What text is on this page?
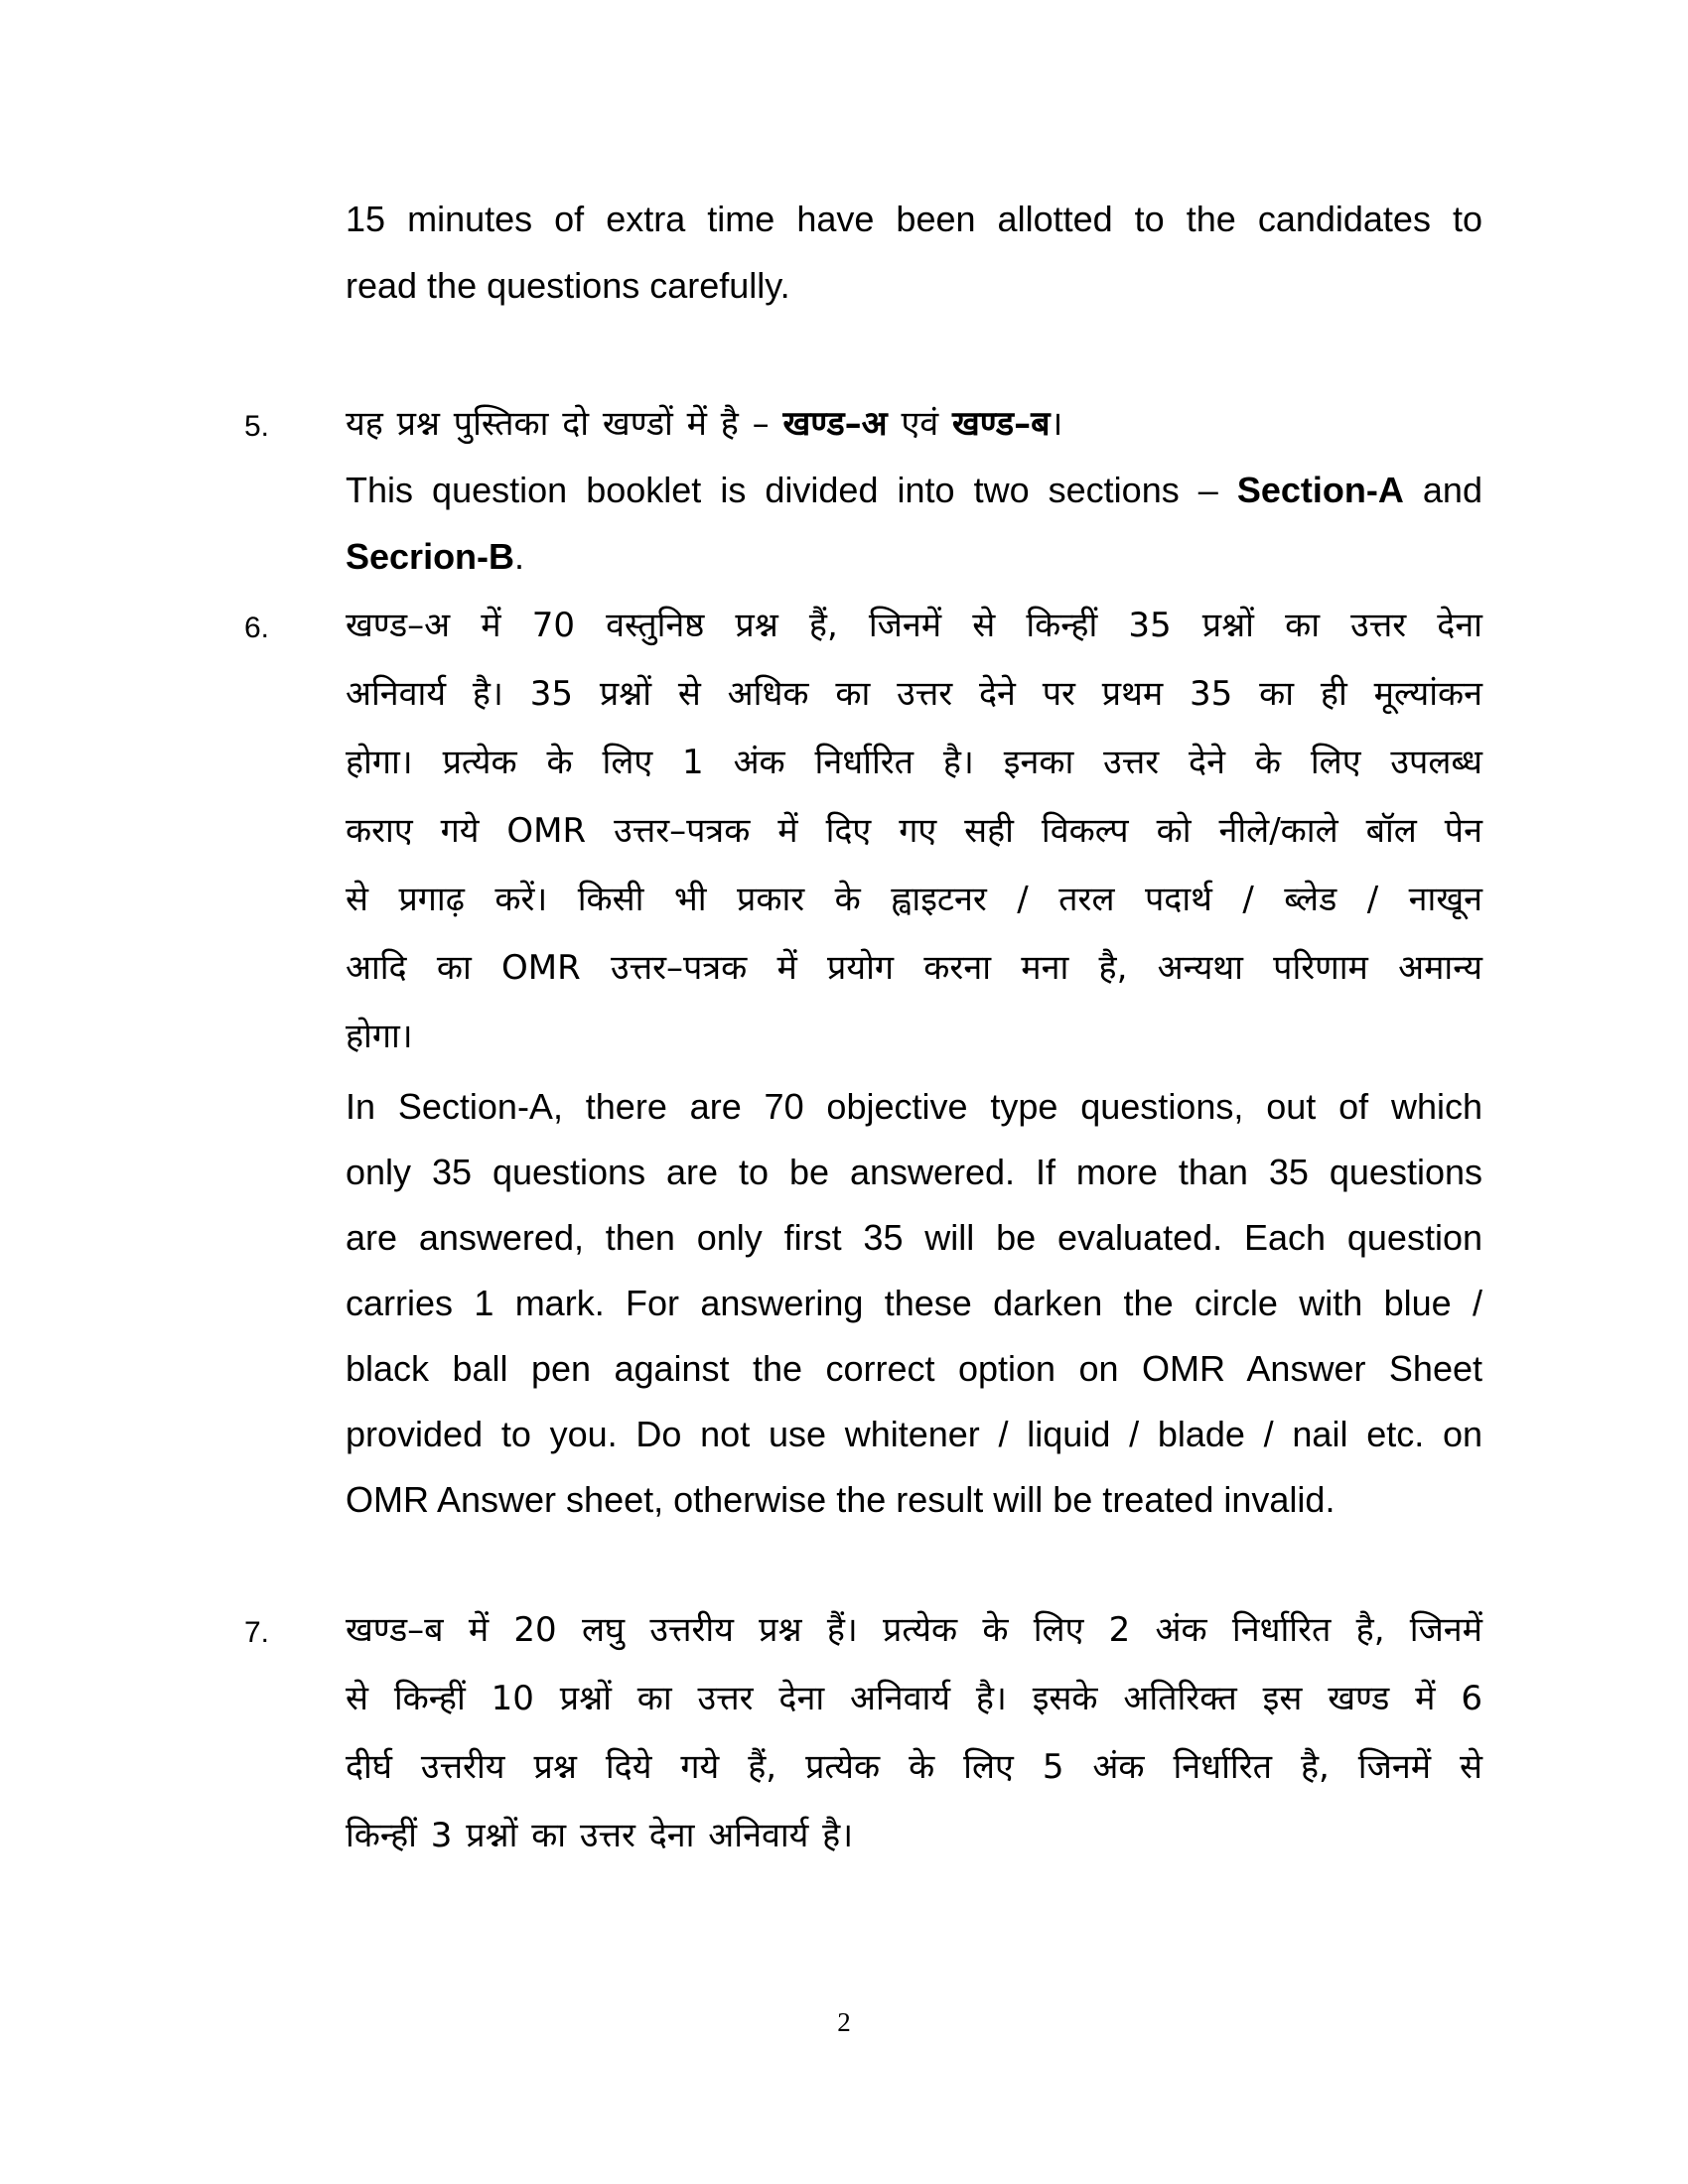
15 minutes of extra time have been allotted to the candidates to
read the questions carefully.
5. यह प्रश्न पुस्तिका दो खण्डों में है – खण्ड–अ एवं खण्ड–ब।
This question booklet is divided into two sections – Section-A and
Secrion-B.
6. खण्ड–अ में 70 वस्तुनिष्ठ प्रश्न हैं, जिनमें से किन्हीं 35 प्रश्नों का उत्तर देना
अनिवार्य है। 35 प्रश्नों से अधिक का उत्तर देने पर प्रथम 35 का ही मूल्यांकन
होगा। प्रत्येक के लिए 1 अंक निर्धारित है। इनका उत्तर देने के लिए उपलब्ध
कराए गये OMR उत्तर–पत्रक में दिए गए सही विकल्प को नीले/काले बॉल पेन
से प्रगाढ़ करें। किसी भी प्रकार के ह्वाइटनर / तरल पदार्थ / ब्लेड / नाखून
आदि का OMR उत्तर–पत्रक में प्रयोग करना मना है, अन्यथा परिणाम अमान्य
होगा।
In Section-A, there are 70 objective type questions, out of which
only 35 questions are to be answered. If more than 35 questions
are answered, then only first 35 will be evaluated. Each question
carries 1 mark. For answering these darken the circle with blue /
black ball pen against the correct option on OMR Answer Sheet
provided to you. Do not use whitener / liquid / blade / nail etc. on
OMR Answer sheet, otherwise the result will be treated invalid.
7. खण्ड–ब में 20 लघु उत्तरीय प्रश्न हैं। प्रत्येक के लिए 2 अंक निर्धारित है, जिनमें
से किन्हीं 10 प्रश्नों का उत्तर देना अनिवार्य है। इसके अतिरिक्त इस खण्ड में 6
दीर्घ उत्तरीय प्रश्न दिये गये हैं, प्रत्येक के लिए 5 अंक निर्धारित है, जिनमें से
किन्हीं 3 प्रश्नों का उत्तर देना अनिवार्य है।
2
